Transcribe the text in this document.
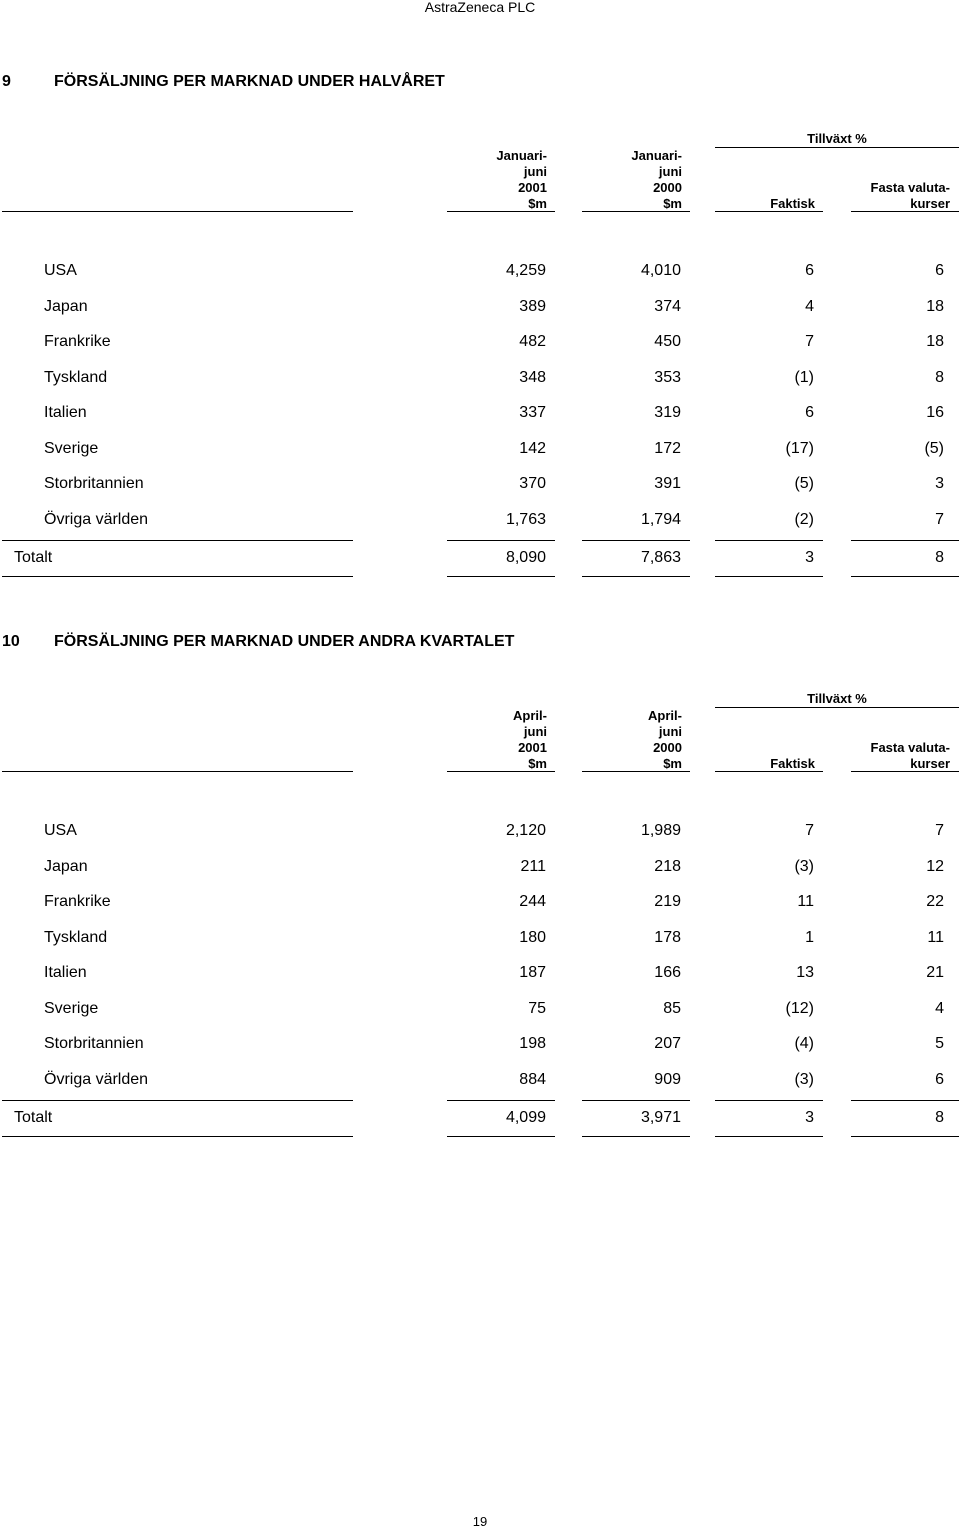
AstraZeneca PLC
9	FÖRSÄLJNING PER MARKNAD UNDER HALVÅRET
Tillväxt %
Januari-
juni
2001
$m
Januari-
juni
2000
$m	Faktisk
Fasta valuta-
kurser
USA	4,259	4,010	6	6
Japan	389	374	4	18
Frankrike	482	450	7	18
Tyskland	348	353	(1)	8
Italien	337	319	6	16
Sverige	142	172	(17)	(5)
Storbritannien	370	391	(5)	3
Övriga världen	1,763	1,794	(2)	7
Totalt	8,090	7,863	3	8
10 FÖRSÄLJNING PER MARKNAD UNDER ANDRA KVARTALET
Tillväxt %
April-
juni
2001
$m
April-
juni
2000
$m	Faktisk
Fasta valuta-
kurser
USA	2,120	1,989	7	7
Japan	211	218	(3)	12
Frankrike	244	219	11	22
Tyskland	180	178	1	11
Italien	187	166	13	21
Sverige	75	85	(12)	4
Storbritannien	198	207	(4)	5
Övriga världen	884	909	(3)	6
Totalt	4,099	3,971	3	8
19
